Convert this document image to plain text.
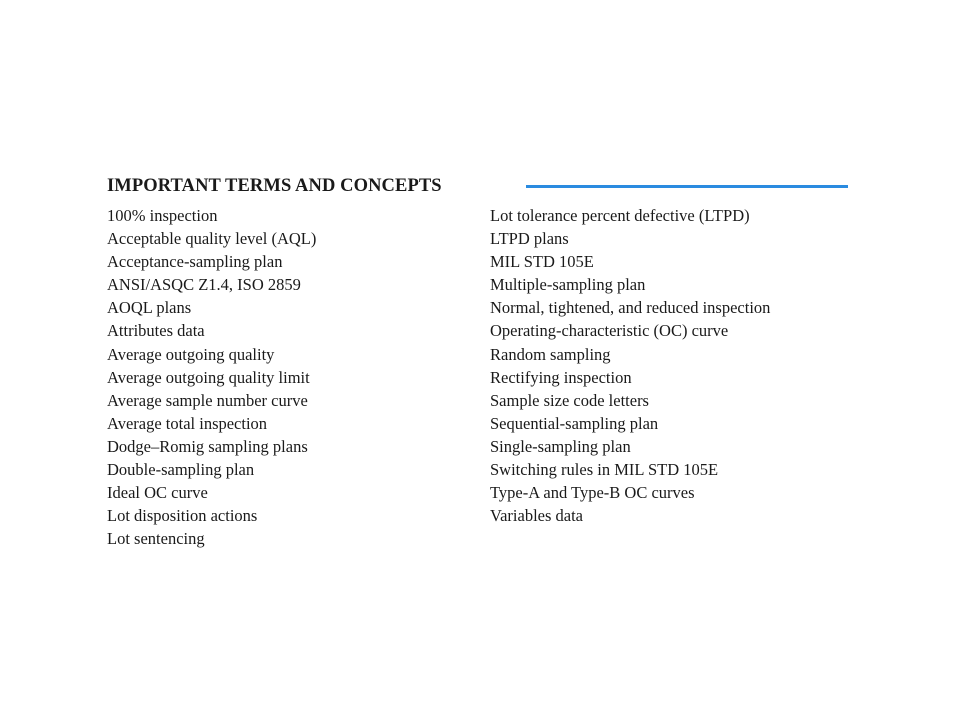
IMPORTANT TERMS AND CONCEPTS
100% inspection
Acceptable quality level (AQL)
Acceptance-sampling plan
ANSI/ASQC Z1.4, ISO 2859
AOQL plans
Attributes data
Average outgoing quality
Average outgoing quality limit
Average sample number curve
Average total inspection
Dodge–Romig sampling plans
Double-sampling plan
Ideal OC curve
Lot disposition actions
Lot sentencing
Lot tolerance percent defective (LTPD)
LTPD plans
MIL STD 105E
Multiple-sampling plan
Normal, tightened, and reduced inspection
Operating-characteristic (OC) curve
Random sampling
Rectifying inspection
Sample size code letters
Sequential-sampling plan
Single-sampling plan
Switching rules in MIL STD 105E
Type-A and Type-B OC curves
Variables data
